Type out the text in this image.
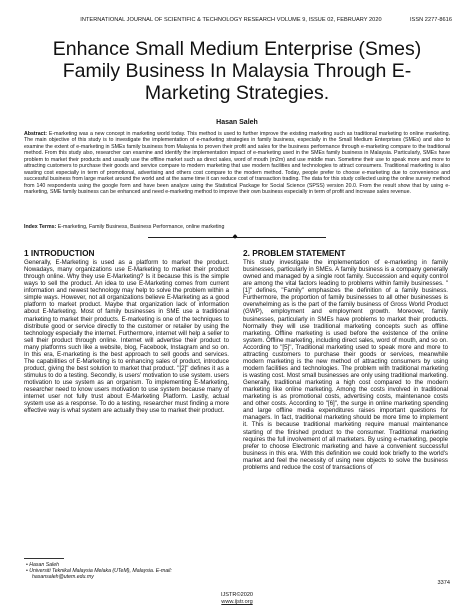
INTERNATIONAL JOURNAL OF SCIENTIFIC & TECHNOLOGY RESEARCH VOLUME 9, ISSUE 02, FEBRUARY 2020	ISSN 2277-8616
Enhance Small Medium Enterprise (Smes)
Family Business In Malaysia Through E-
Marketing Strategies.
Hasan Saleh
Abstract: E-marketing was a new concept in marketing world today. This method is used to further improve the existing marketing such as traditional marketing to online marketing. The main objective of this study is to investigate the implementation of e-marketing strategies in family business, especially in the Small Medium Enterprises (SMEs) and also to examine the extent of e-marketing in SMEs family business from Malaysia to proven their profit and sales for the business performance through e-marketing compare to the traditional method. From this study also, researcher can examine and identify the implementation impact of e-marketing used in the SMEs family business in Malaysia. Particularly, SMEs have problem to market their products and usually use the offline market such as direct sales, word of mouth (m2m) and use middle man. Sometime their use to speak more and more to attracting customers to purchase their goods and service compare to modern marketing that use modern facilities and technologies to attract consumers. Traditional marketing is also wasting cost especially in term of promotional, advertising and others cost compare to the modern method. Today, people prefer to choose e-marketing due to convenience and successful business from large market around the world and at the same time it can reduce cost of transaction trading. The data for this study collected using the online survey method from 140 respondents using the google form and have been analyze using the Statistical Package for Social Science (SPSS) version 20.0. From the result show that by using e-marketing, SME family business can be enhanced and need e-marketing method to improve their own business especially in term of profit and increase sales revenue.
Index Terms: E-marketing, Family Business, Business Performance, online marketing
◆
1 INTRODUCTION

Generally, E-Marketing is used as a platform to market the product. Nowadays, many organizations use E-Marketing to market their product through online. Why they use E-Marketing? Is it because this is the simple ways to sell the product. An idea to use E-Marketing comes from current information and newest technology may help to solve the problem within a simple ways. However, not all organizations believe E-Marketing as a good platform to market product. Maybe that organization lack of information about E-Marketing. Most of family businesses in SME use a traditional marketing to market their products. E-marketing is one of the techniques to distribute good or service directly to the customer or retailer by using the technology especially the internet. Furthermore, internet will help a seller to sell their product through online. Internet will advertise their product to many platforms such like a website, blog, Facebook, Instagram and so on. In this era, E-marketing is the best approach to sell goods and services. The capabilities of E-Marketing is to enhancing sales of product, introduce product, giving the best solution to market that product. "[2]" defines it as a stimulus to do a testing. Secondly, is users' motivation to use system. users motivation to use system as an organism. To implementing E-Marketing, researcher need to know users motivation to use system because many of internet user not fully trust about E-Marketing Platform. Lastly, actual system use as a response. To do a testing, researcher must finding a more effective way is what system are actually they use to market their product.

2. PROBLEM STATEMENT

This study investigate the implementation of e-marketing in family businesses, particularly in SMEs. A family business is a company generally owned and managed by a single root family. Succession and equity control are among the vital factors leading to problems within family businesses. "[1]" defines, "Family" emphasizes the definition of a family business. Furthermore, the proportion of family businesses to all other businesses is overwhelming as is the part of the family business of Gross World Product (GWP), employment and employment growth. Moreover, family businesses, particularly in SMEs have problems to market their products. Normally they will use traditional marketing concepts such as offline marketing. Offline marketing is used before the existence of the online system. Offline marketing, including direct sales, word of mouth, and so on. According to "[5]", Traditional marketing used to speak more and more to attracting customers to purchase their goods or services, meanwhile modern marketing is the new method of attracting consumers by using modern facilities and technologies. The problem with traditional marketing is wasting cost. Most small businesses are only using traditional marketing. Generally, traditional marketing a high cost compared to the modern marketing like online marketing. Among the costs involved in traditional marketing is as promotional costs, advertising costs, maintenance costs and other costs. According to "[6]", the surge in online marketing spending and large offline media expenditures raises important questions for managers. In fact, traditional marketing should be more time to implement it. This is because traditional marketing require manual maintenance starting of the finished product to the consumer. Traditional marketing requires the full involvement of all marketers. By using e-marketing, people prefer to choose Electronic marketing and have a convenient successful business in this era. With this definition we could look briefly to the world's market and feel the necessity of using new objects to solve the business problems and reduce the cost of transactions of

• Hasan Saleh
• Universiti Teknikal Malaysia Melaka (UTeM), Malaysia. E-mail: hasansaleh@utem.edu.my
3374
IJSTR©2020
www.ijstr.org
